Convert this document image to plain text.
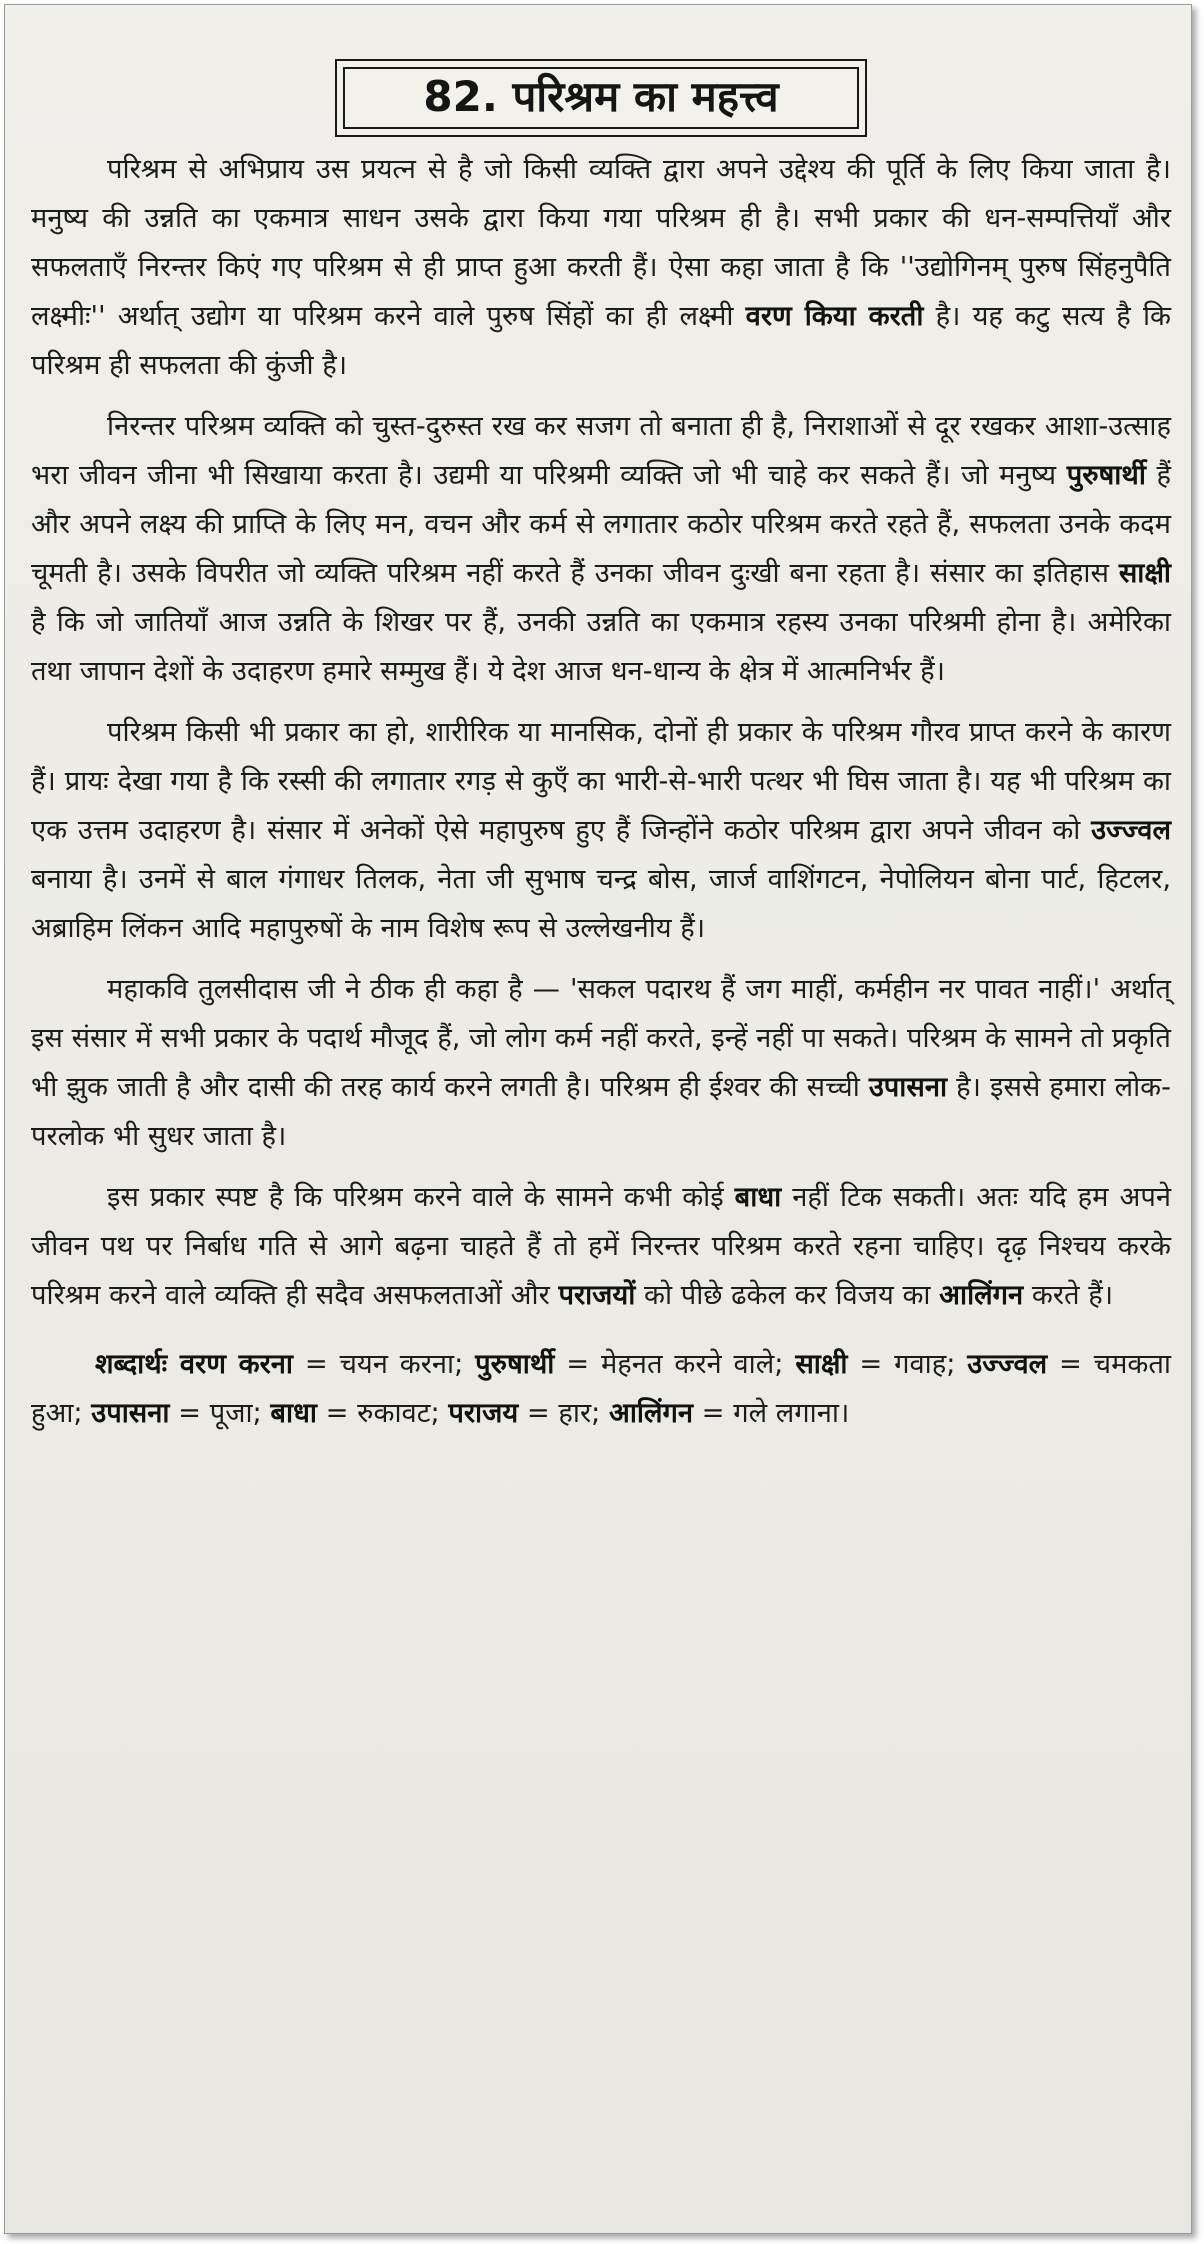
82. परिश्रम का महत्त्व

परिश्रम से अभिप्राय उस प्रयत्न से है जो किसी व्यक्ति द्वारा अपने उद्देश्य की पूर्ति के लिए किया जाता है। मनुष्य की उन्नति का एकमात्र साधन उसके द्वारा किया गया परिश्रम ही है। सभी प्रकार की धन-सम्पत्तियाँ और सफलताएँ निरन्तर किएं गए परिश्रम से ही प्राप्त हुआ करती हैं। ऐसा कहा जाता है कि ''उद्योगिनम् पुरुष सिंहनुपैति लक्ष्मीः'' अर्थात् उद्योग या परिश्रम करने वाले पुरुष सिंहों का ही लक्ष्मी वरण किया करती है। यह कटु सत्य है कि परिश्रम ही सफलता की कुंजी है।

निरन्तर परिश्रम व्यक्ति को चुस्त-दुरुस्त रख कर सजग तो बनाता ही है, निराशाओं से दूर रखकर आशा-उत्साह भरा जीवन जीना भी सिखाया करता है। उद्यमी या परिश्रमी व्यक्ति जो भी चाहे कर सकते हैं। जो मनुष्य पुरुषार्थी हैं और अपने लक्ष्य की प्राप्ति के लिए मन, वचन और कर्म से लगातार कठोर परिश्रम करते रहते हैं, सफलता उनके कदम चूमती है। उसके विपरीत जो व्यक्ति परिश्रम नहीं करते हैं उनका जीवन दुःखी बना रहता है। संसार का इतिहास साक्षी है कि जो जातियाँ आज उन्नति के शिखर पर हैं, उनकी उन्नति का एकमात्र रहस्य उनका परिश्रमी होना है। अमेरिका तथा जापान देशों के उदाहरण हमारे सम्मुख हैं। ये देश आज धन-धान्य के क्षेत्र में आत्मनिर्भर हैं।

परिश्रम किसी भी प्रकार का हो, शारीरिक या मानसिक, दोनों ही प्रकार के परिश्रम गौरव प्राप्त करने के कारण हैं। प्रायः देखा गया है कि रस्सी की लगातार रगड़ से कुएँ का भारी-से-भारी पत्थर भी घिस जाता है। यह भी परिश्रम का एक उत्तम उदाहरण है। संसार में अनेकों ऐसे महापुरुष हुए हैं जिन्होंने कठोर परिश्रम द्वारा अपने जीवन को उज्ज्वल बनाया है। उनमें से बाल गंगाधर तिलक, नेता जी सुभाष चन्द्र बोस, जार्ज वाशिंगटन, नेपोलियन बोना पार्ट, हिटलर, अब्राहिम लिंकन आदि महापुरुषों के नाम विशेष रूप से उल्लेखनीय हैं।

महाकवि तुलसीदास जी ने ठीक ही कहा है — 'सकल पदारथ हैं जग माहीं, कर्महीन नर पावत नाहीं।' अर्थात् इस संसार में सभी प्रकार के पदार्थ मौजूद हैं, जो लोग कर्म नहीं करते, इन्हें नहीं पा सकते। परिश्रम के सामने तो प्रकृति भी झुक जाती है और दासी की तरह कार्य करने लगती है। परिश्रम ही ईश्वर की सच्ची उपासना है। इससे हमारा लोक-परलोक भी सुधर जाता है।

इस प्रकार स्पष्ट है कि परिश्रम करने वाले के सामने कभी कोई बाधा नहीं टिक सकती। अतः यदि हम अपने जीवन पथ पर निर्बाध गति से आगे बढ़ना चाहते हैं तो हमें निरन्तर परिश्रम करते रहना चाहिए। दृढ़ निश्चय करके परिश्रम करने वाले व्यक्ति ही सदैव असफलताओं और पराजयों को पीछे ढकेल कर विजय का आलिंगन करते हैं।

शब्दार्थः वरण करना = चयन करना; पुरुषार्थी = मेहनत करने वाले; साक्षी = गवाह; उज्ज्वल = चमकता हुआ; उपासना = पूजा; बाधा = रुकावट; पराजय = हार; आलिंगन = गले लगाना।
